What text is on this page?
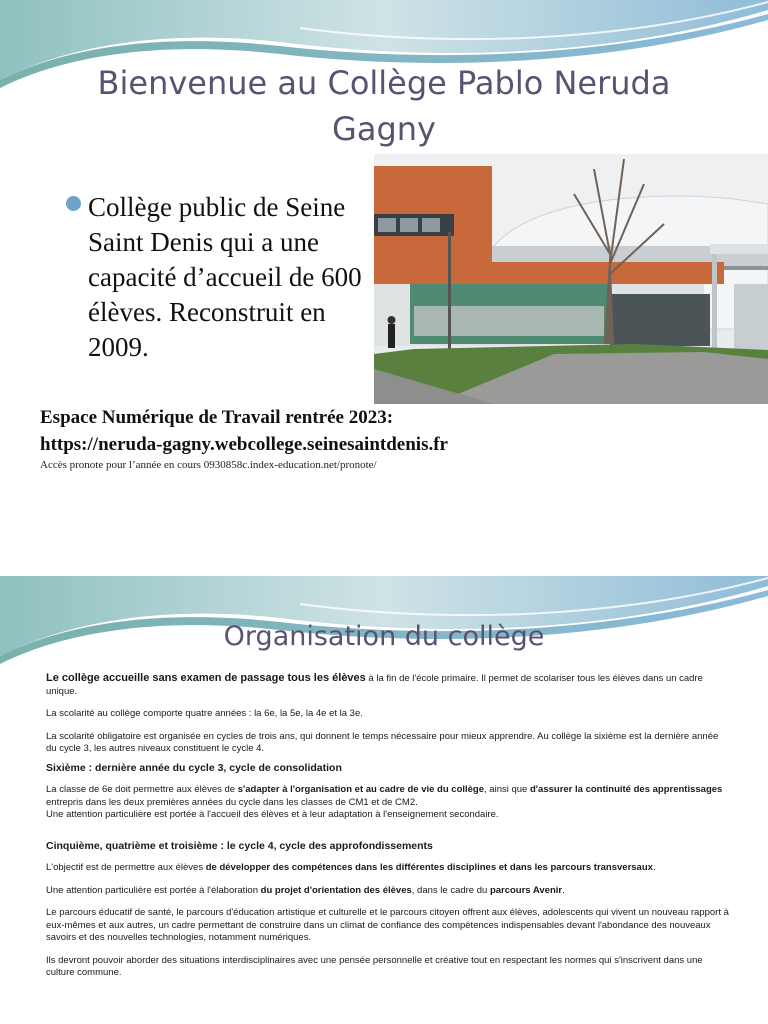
Bienvenue au Collège Pablo Neruda
Gagny
Collège public de Seine Saint Denis qui a une capacité d’accueil de 600 élèves. Reconstruit en 2009.
Espace Numérique de Travail rentrée 2023:
https://neruda-gagny.webcollege.seinesaintdenis.fr
Accès pronote pour l’année en cours 0930858c.index-education.net/pronote/
Organisation du collège

Le collège accueille sans examen de passage tous les élèves à la fin de l'école primaire. Il permet de scolariser tous les élèves dans un cadre unique.

La scolarité au collège comporte quatre années : la 6e, la 5e, la 4e et la 3e.

La scolarité obligatoire est organisée en cycles de trois ans, qui donnent le temps nécessaire pour mieux apprendre. Au collège la sixième est la dernière année du cycle 3, les autres niveaux constituent le cycle 4.

Sixième : dernière année du cycle 3, cycle de consolidation

La classe de 6e doit permettre aux élèves de s'adapter à l'organisation et au cadre de vie du collège, ainsi que d'assurer la continuité des apprentissages entrepris dans les deux premières années du cycle dans les classes de CM1 et de CM2.

Une attention particulière est portée à l'accueil des élèves et à leur adaptation à l'enseignement secondaire.

Cinquième, quatrième et troisième : le cycle 4, cycle des approfondissements

L'objectif est de permettre aux élèves de développer des compétences dans les différentes disciplines et dans les parcours transversaux.

Une attention particulière est portée à l'élaboration du projet d'orientation des élèves, dans le cadre du parcours Avenir.

Le parcours éducatif de santé, le parcours d'éducation artistique et culturelle et le parcours citoyen offrent aux élèves, adolescents qui vivent un nouveau rapport à eux-mêmes et aux autres, un cadre permettant de construire dans un climat de confiance des compétences indispensables devant l'abondance des nouveaux savoirs et des nouvelles technologies, notamment numériques.

Ils devront pouvoir aborder des situations interdisciplinaires avec une pensée personnelle et créative tout en respectant les normes qui s'inscrivent dans une culture commune.
